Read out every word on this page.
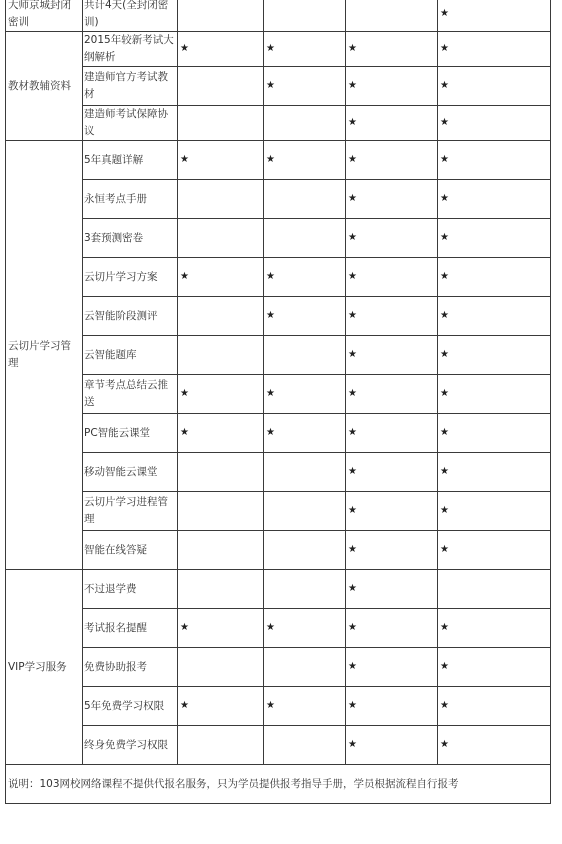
大师京城封闭密训	共计4天(全封闭密训)				★
教材教辅资料	2015年较新考试大纲解析	★	★	★	★
	建造师官方考试教材		★	★	★
	建造师考试保障协议			★	★
云切片学习管理	5年真题详解	★	★	★	★
	永恒考点手册			★	★
	3套预测密卷			★	★
	云切片学习方案	★	★	★	★
	云智能阶段测评		★	★	★
	云智能题库			★	★
	章节考点总结云推送	★	★	★	★
	PC智能云课堂	★	★	★	★
	移动智能云课堂			★	★
	云切片学习进程管理			★	★
	智能在线答疑			★	★
VIP学习服务	不过退学费			★	
	考试报名提醒	★	★	★	★
	免费协助报考			★	★
	5年免费学习权限	★	★	★	★
	终身免费学习权限			★	★
说明：103网校网络课程不提供代报名服务，只为学员提供报考指导手册，学员根据流程自行报考					
